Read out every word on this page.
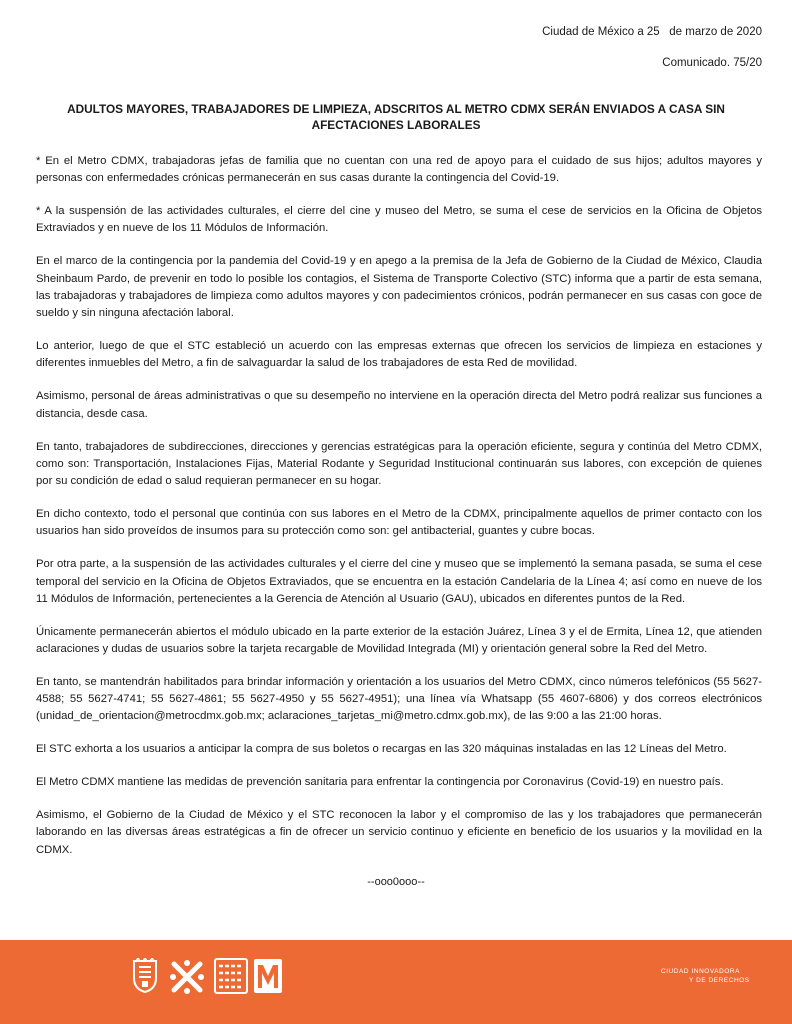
Ciudad de México a 25   de marzo de 2020
Comunicado. 75/20
ADULTOS MAYORES, TRABAJADORES DE LIMPIEZA, ADSCRITOS AL METRO CDMX SERÁN ENVIADOS A CASA SIN AFECTACIONES LABORALES

* En el Metro CDMX, trabajadoras jefas de familia que no cuentan con una red de apoyo para el cuidado de sus hijos; adultos mayores y personas con enfermedades crónicas permanecerán en sus casas durante la contingencia del Covid-19.

* A la suspensión de las actividades culturales, el cierre del cine y museo del Metro, se suma el cese de servicios en la Oficina de Objetos Extraviados y en nueve de los 11 Módulos de Información.

En el marco de la contingencia por la pandemia del Covid-19 y en apego a la premisa de la Jefa de Gobierno de la Ciudad de México, Claudia Sheinbaum Pardo, de prevenir en todo lo posible los contagios, el Sistema de Transporte Colectivo (STC) informa que a partir de esta semana, las trabajadoras y trabajadores de limpieza como adultos mayores y con padecimientos crónicos, podrán permanecer en sus casas con goce de sueldo y sin ninguna afectación laboral.

Lo anterior, luego de que el STC estableció un acuerdo con las empresas externas que ofrecen los servicios de limpieza en estaciones y diferentes inmuebles del Metro, a fin de salvaguardar la salud de los trabajadores de esta Red de movilidad.

Asimismo, personal de áreas administrativas o que su desempeño no interviene en la operación directa del Metro podrá realizar sus funciones a distancia, desde casa.

En tanto, trabajadores de subdirecciones, direcciones y gerencias estratégicas para la operación eficiente, segura y continúa del Metro CDMX, como son: Transportación, Instalaciones Fijas, Material Rodante y Seguridad Institucional continuarán sus labores, con excepción de quienes por su condición de edad o salud requieran permanecer en su hogar.

En dicho contexto, todo el personal que continúa con sus labores en el Metro de la CDMX, principalmente aquellos de primer contacto con los usuarios han sido proveídos de insumos para su protección como son: gel antibacterial, guantes y cubre bocas.

Por otra parte, a la suspensión de las actividades culturales y el cierre del cine y museo que se implementó la semana pasada, se suma el cese temporal del servicio en la Oficina de Objetos Extraviados, que se encuentra en la estación Candelaria de la Línea 4; así como en nueve de los 11 Módulos de Información, pertenecientes a la Gerencia de Atención al Usuario (GAU), ubicados en diferentes puntos de la Red.

Únicamente permanecerán abiertos el módulo ubicado en la parte exterior de la estación Juárez, Línea 3 y el de Ermita, Línea 12, que atienden aclaraciones y dudas de usuarios sobre la tarjeta recargable de Movilidad Integrada (MI) y orientación general sobre la Red del Metro.

En tanto, se mantendrán habilitados para brindar información y orientación a los usuarios del Metro CDMX, cinco números telefónicos (55 5627-4588; 55 5627-4741; 55 5627-4861; 55 5627-4950 y 55 5627-4951); una línea vía Whatsapp (55 4607-6806) y dos correos electrónicos (unidad_de_orientacion@metrocdmx.gob.mx; aclaraciones_tarjetas_mi@metro.cdmx.gob.mx), de las 9:00 a las 21:00 horas.

El STC exhorta a los usuarios a anticipar la compra de sus boletos o recargas en las 320 máquinas instaladas en las 12 Líneas del Metro.

El Metro CDMX mantiene las medidas de prevención sanitaria para enfrentar la contingencia por Coronavirus (Covid-19) en nuestro país.

Asimismo, el Gobierno de la Ciudad de México y el STC reconocen la labor y el compromiso de las y los trabajadores que permanecerán laborando en las diversas áreas estratégicas a fin de ofrecer un servicio continuo y eficiente en beneficio de los usuarios y la movilidad en la CDMX.

--ooo0ooo--
CIUDAD INNOVADORA
Y DE DERECHOS
